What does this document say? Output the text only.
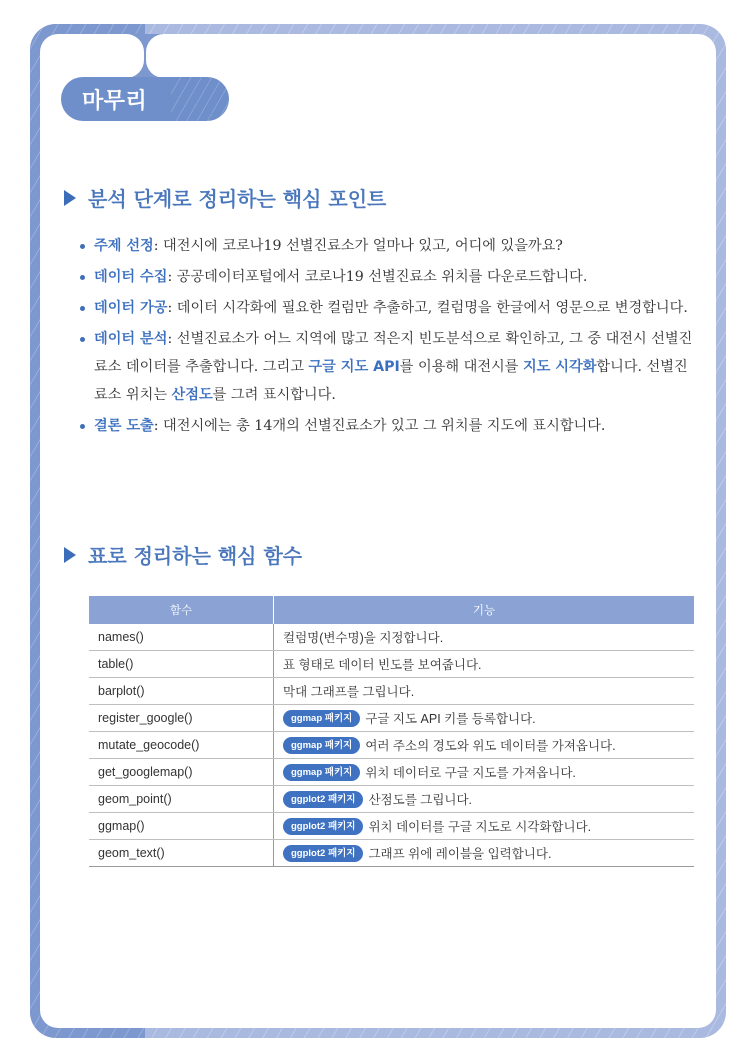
마무리
분석 단계로 정리하는 핵심 포인트
주제 선정: 대전시에 코로나19 선별진료소가 얼마나 있고, 어디에 있을까요?
데이터 수집: 공공데이터포털에서 코로나19 선별진료소 위치를 다운로드합니다.
데이터 가공: 데이터 시각화에 필요한 컬럼만 추출하고, 컬럼명을 한글에서 영문으로 변경합니다.
데이터 분석: 선별진료소가 어느 지역에 많고 적은지 빈도분석으로 확인하고, 그 중 대전시 선별진료소 데이터를 추출합니다. 그리고 구글 지도 API를 이용해 대전시를 지도 시각화합니다. 선별진료소 위치는 산점도를 그려 표시합니다.
결론 도출: 대전시에는 총 14개의 선별진료소가 있고 그 위치를 지도에 표시합니다.
표로 정리하는 핵심 함수
함수	기능
names()	컬럼명(변수명)을 지정합니다.
table()	표 형태로 데이터 빈도를 보여줍니다.
barplot()	막대 그래프를 그립니다.
register_google()	ggmap 패키지 구글 지도 API 키를 등록합니다.
mutate_geocode()	ggmap 패키지 여러 주소의 경도와 위도 데이터를 가져옵니다.
get_googlemap()	ggmap 패키지 위치 데이터로 구글 지도를 가져옵니다.
geom_point()	ggplot2 패키지 산점도를 그립니다.
ggmap()	ggplot2 패키지 위치 데이터를 구글 지도로 시각화합니다.
geom_text()	ggplot2 패키지 그래프 위에 레이블을 입력합니다.
